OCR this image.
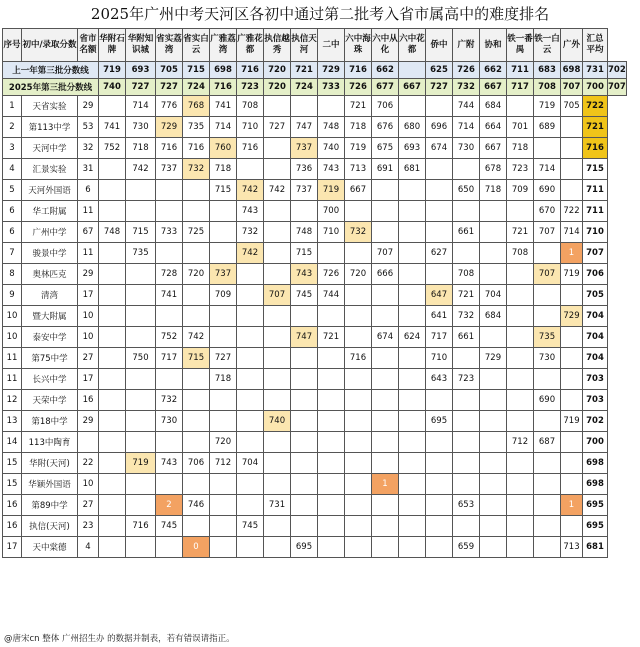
2025年广州中考天河区各初中通过第二批考入省市属高中的难度排名
序号	初中/录取分数	省市名额	华附石牌	华附知识城	省实荔湾	省实白云	广雅荔湾	广雅花都	执信越秀	执信天河	二中	六中海珠	六中从化	六中花都	侨中	广附	协和	铁一番禺	铁一白云	广外	汇总平均	
上一年第三批分数线			719	693	705	715	698	716	720	721	729	716	662		625	726	662	711	683	698	731	702
2025年第三批分数线			740	727	727	724	716	723	720	724	733	726	677	667	727	732	667	717	708	707	700	707
1	天省实验	29		714	776	768	741	708				721	706			744	684		719	705	722	
2	第113中学	53	741	730	729	735	714	710	727	747	748	718	676	680	696	714	664	701	689		721	
3	天河中学	32	752	718	716	716	760	716		737	740	719	675	693	674	730	667	718			716	
4	汇景实验	31		742	737	732	718			736	743	713	691	681			678	723	714		715	
5	天河外国语	6					715	742	742	737	719	667				650	718	709	690		711	
6	华工附属	11						743			700								670	722	711	
6	广州中学	67	748	715	733	725		732		748	710	732				661		721	707	714	710	
7	骏景中学	11		735				742		715			707		627			708		1	707	
8	奥林匹克	29			728	720	737			743	726	720	666			708			707	719	706	
9	清湾	17			741		709		707	745	744				647	721	704				705	
10	暨大附属	10													641	732	684			729	704	
10	泰安中学	10			752	742				747	721		674	624	717	661			735		704	
11	第75中学	27		750	717	715	727					716			710		729		730		704	
11	长兴中学	17					718								643	723					703	
12	天荣中学	16			732														690		703	
13	第18中学	29			730				740						695					719	702	
14	113中陶育						720											712	687		700	
15	华附(天河)	22		719	743	706	712	704													698	
15	华颖外国语	10											1								698	
16	第89中学	27			2	746			731							653				1	695	
16	执信(天河)	23		716	745			745													695	
17	天中棠德	4				0				695						659				713	681	
@唐宋cn 整体 广州招生办 的数据并制表，若有错误请指正。
